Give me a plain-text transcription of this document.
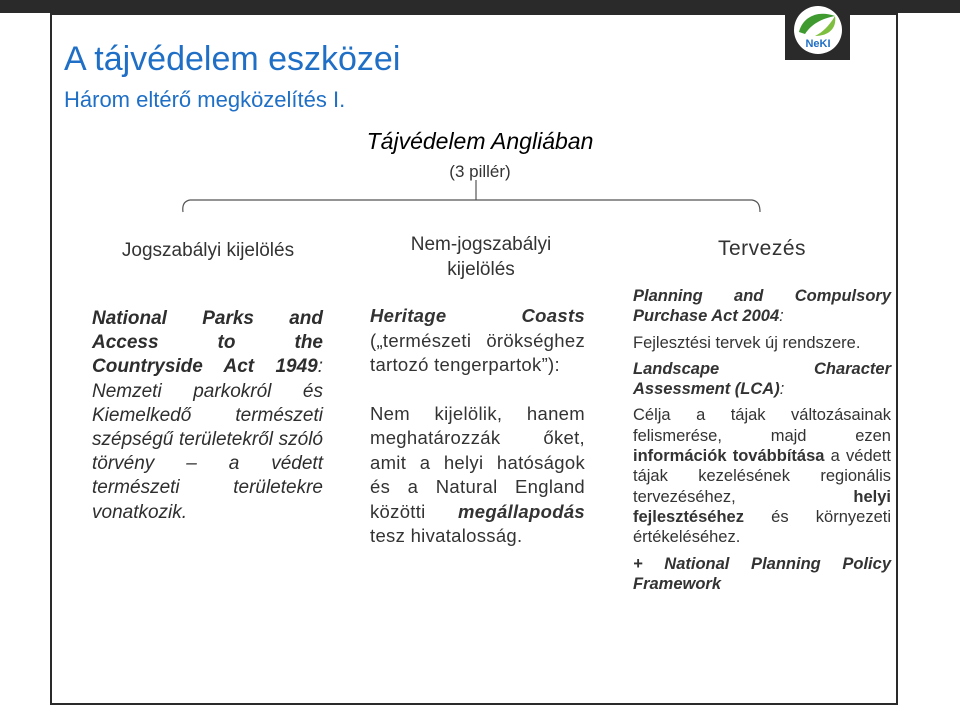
NeKI
A tájvédelem eszközei
Három eltérő megközelítés I.
Tájvédelem Angliában
(3 pillér)
Jogszabályi kijelölés	Nem-jogszabályi
kijelölés
Tervezés

National Parks and Access to the Countryside Act 1949: Nemzeti parkokról és Kiemelkedő természeti szépségű területekről szóló törvény – a védett természeti területekre vonatkozik.

Heritage Coasts („természeti örökséghez tartozó tengerpartok”):

Nem kijelölik, hanem meghatározzák őket, amit a helyi hatóságok és a Natural England közötti megállapodás tesz hivatalosság.

Planning and Compulsory Purchase Act 2004:

Fejlesztési tervek új rendszere.

Landscape Character Assessment (LCA):

Célja a tájak változásainak felismerése, majd ezen információk továbbítása a védett tájak kezelésének regionális tervezéséhez, helyi fejlesztéséhez és környezeti értékeléséhez.

+ National Planning Policy Framework
